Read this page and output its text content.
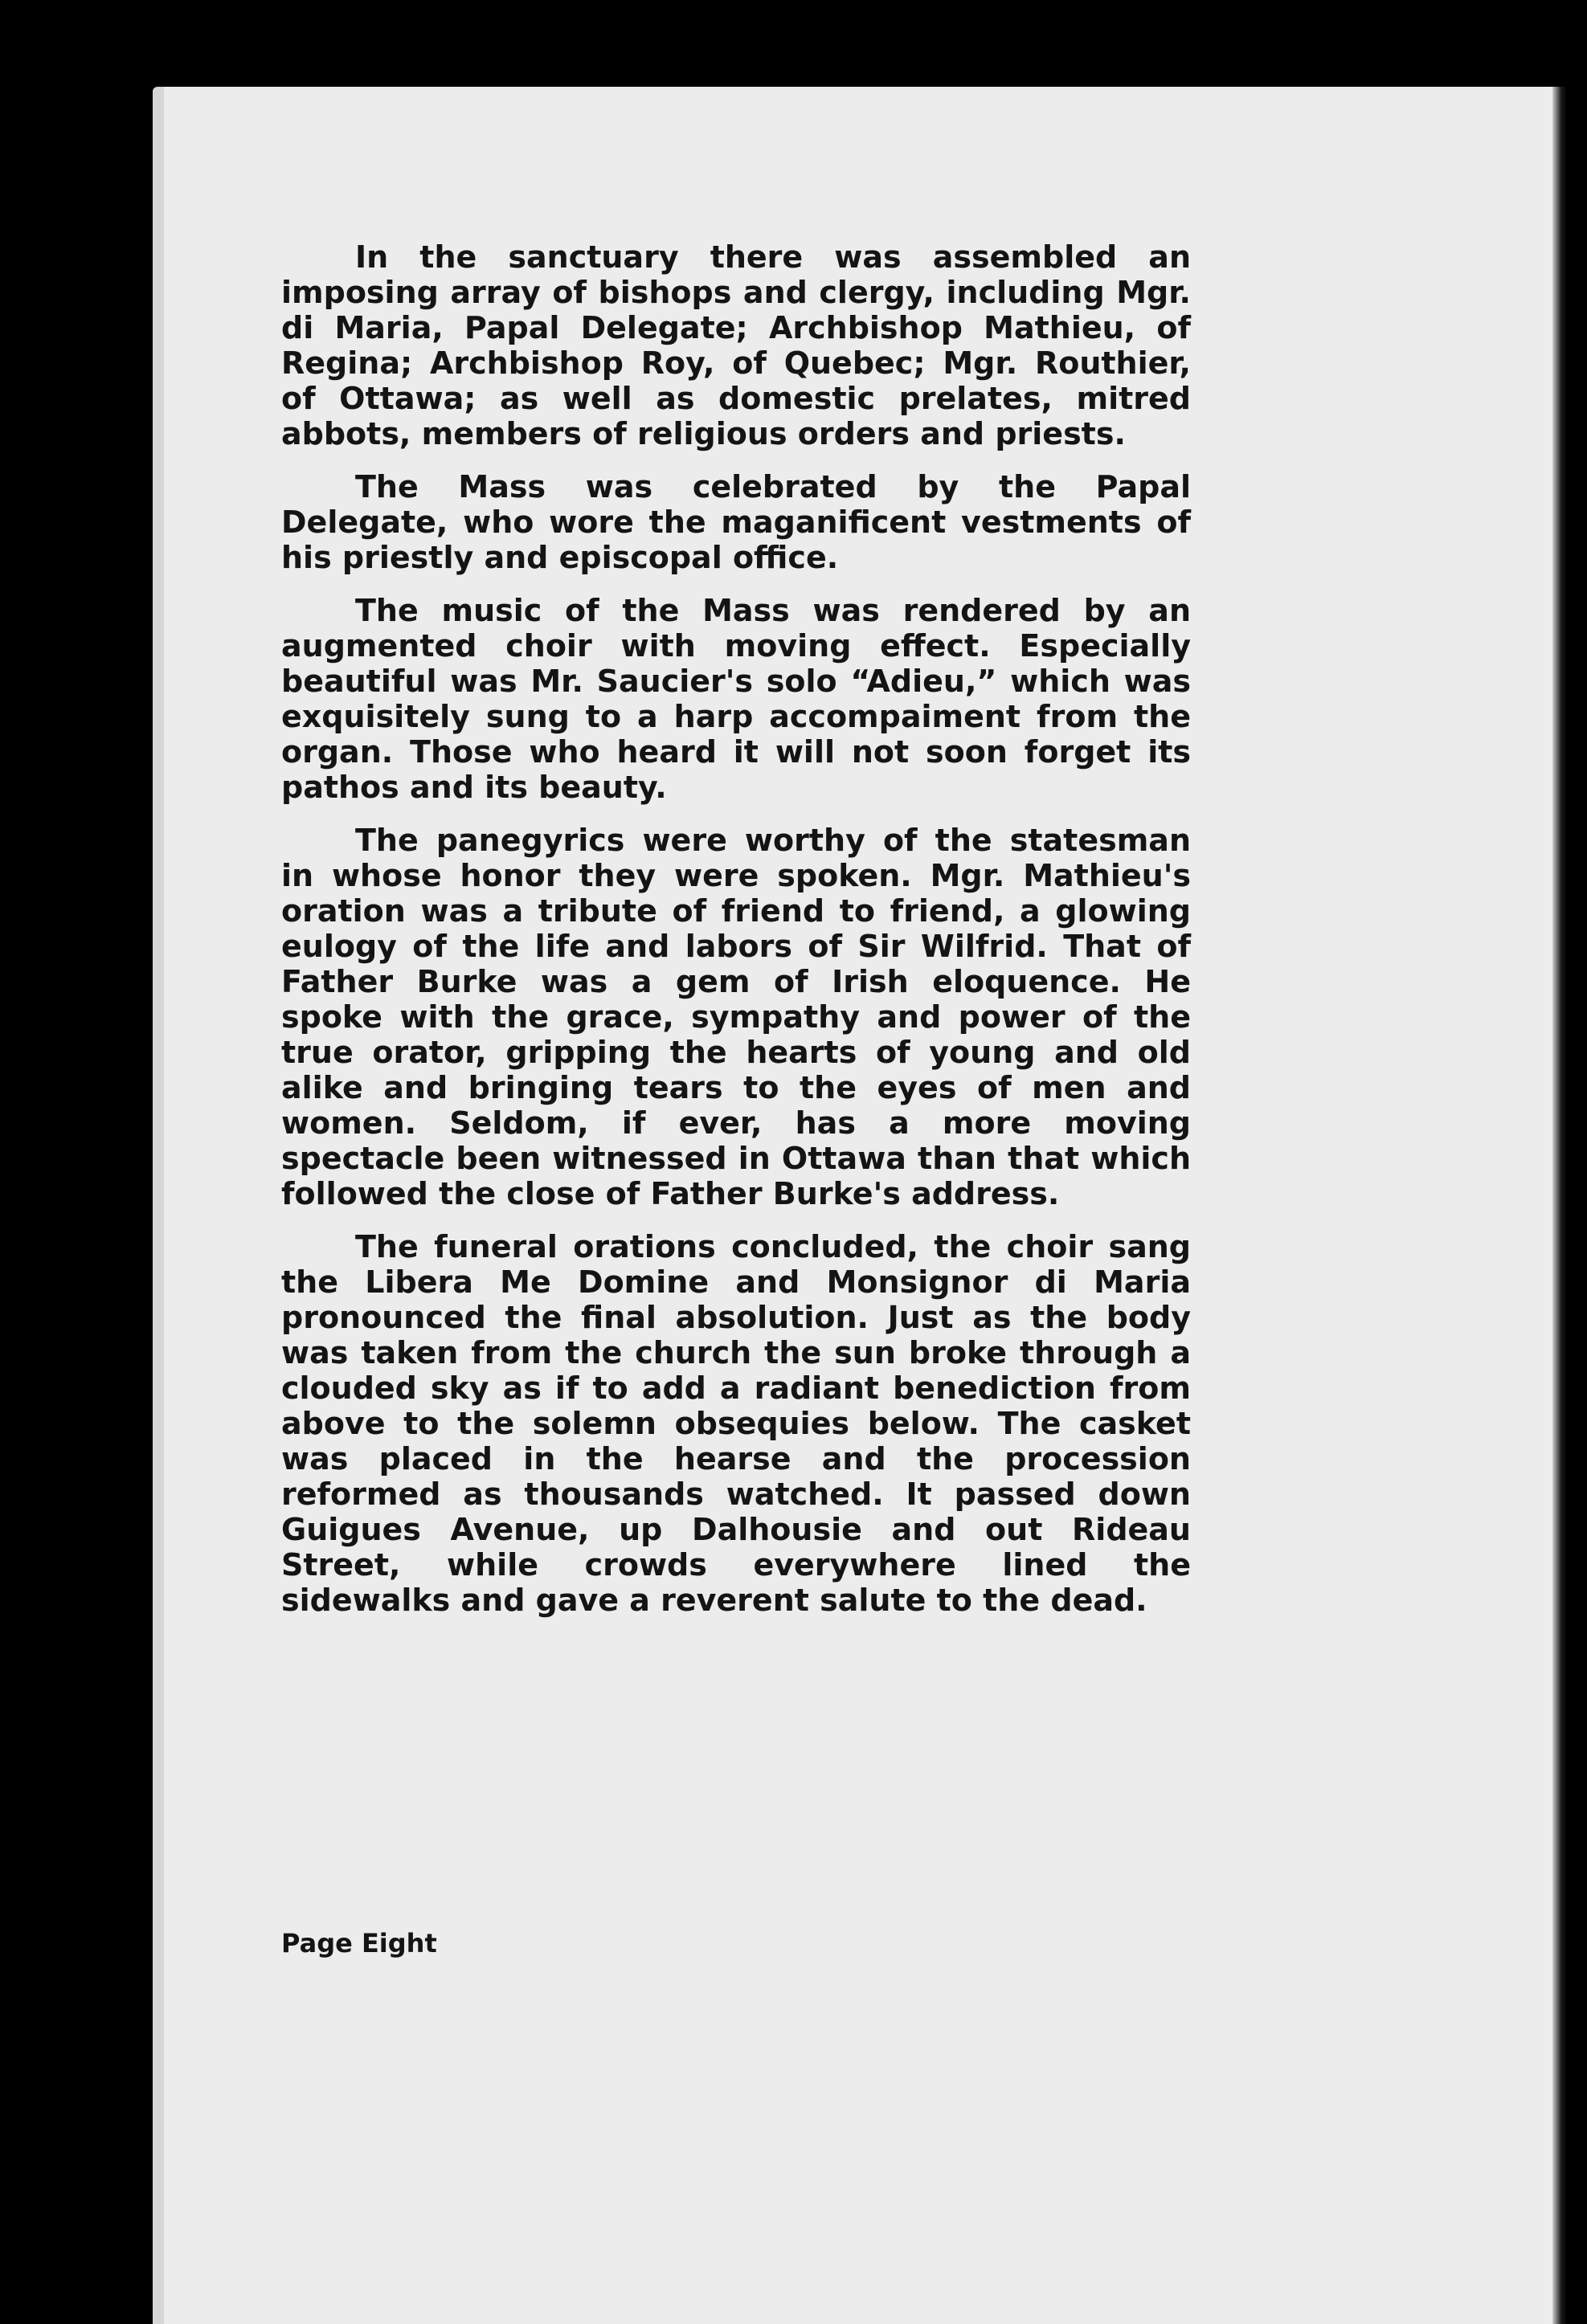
In the sanctuary there was assembled an imposing array of bishops and clergy, including Mgr. di Maria, Papal Delegate; Archbishop Mathieu, of Regina; Archbishop Roy, of Quebec; Mgr. Routhier, of Ottawa; as well as domestic prelates, mitred abbots, members of religious orders and priests.

The Mass was celebrated by the Papal Delegate, who wore the maganificent vestments of his priestly and episcopal office.

The music of the Mass was rendered by an augmented choir with moving effect. Especially beautiful was Mr. Saucier's solo “Adieu,” which was exquisitely sung to a harp accompaiment from the organ. Those who heard it will not soon forget its pathos and its beauty.

The panegyrics were worthy of the statesman in whose honor they were spoken. Mgr. Mathieu's oration was a tribute of friend to friend, a glowing eulogy of the life and labors of Sir Wilfrid. That of Father Burke was a gem of Irish eloquence. He spoke with the grace, sympathy and power of the true orator, gripping the hearts of young and old alike and bringing tears to the eyes of men and women. Seldom, if ever, has a more moving spectacle been witnessed in Ottawa than that which followed the close of Father Burke's address.

The funeral orations concluded, the choir sang the Libera Me Domine and Monsignor di Maria pronounced the final absolution. Just as the body was taken from the church the sun broke through a clouded sky as if to add a radiant benediction from above to the solemn obsequies below. The casket was placed in the hearse and the procession reformed as thousands watched. It passed down Guigues Avenue, up Dalhousie and out Rideau Street, while crowds everywhere lined the sidewalks and gave a reverent salute to the dead.

Page Eight
